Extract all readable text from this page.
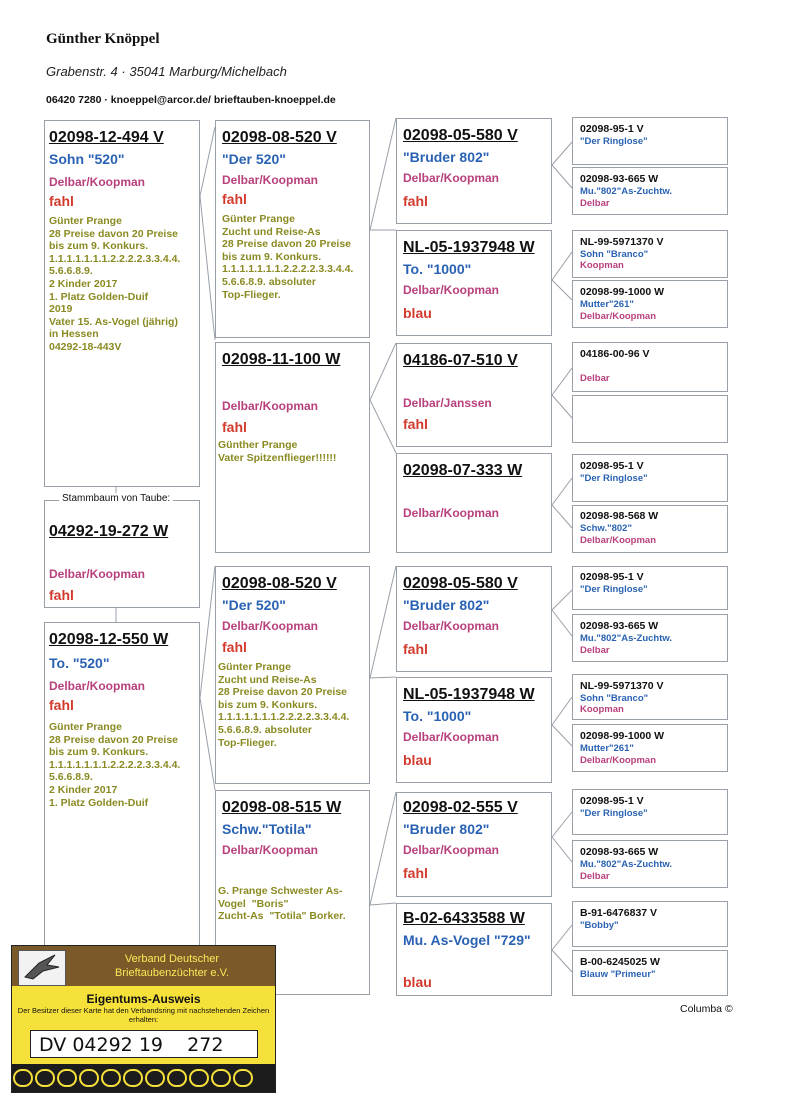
Günther Knöppel
Grabenstr. 4 · 35041 Marburg/Michelbach
06420 7280 · knoeppel@arcor.de/ brieftauben-knoeppel.de
02098-12-494 V
Sohn "520"
Delbar/Koopman
fahl
Günter Prange
28 Preise davon 20 Preise
bis zum 9. Konkurs.
1.1.1.1.1.1.1.2.2.2.2.3.3.4.4.
5.6.6.8.9.
2 Kinder 2017
1. Platz Golden-Duif
2019
Vater 15. As-Vogel (jährig)
in Hessen
04292-18-443V
Stammbaum von Taube:
04292-19-272 W
Delbar/Koopman
fahl
02098-12-550 W
To. "520"
Delbar/Koopman
fahl
Günter Prange
28 Preise davon 20 Preise
bis zum 9. Konkurs.
1.1.1.1.1.1.1.2.2.2.2.3.3.4.4.
5.6.6.8.9.
2 Kinder 2017
1. Platz Golden-Duif
02098-08-520 V
"Der 520"
Delbar/Koopman
fahl
Günter Prange
Zucht und Reise-As
28 Preise davon 20 Preise
bis zum 9. Konkurs.
1.1.1.1.1.1.1.2.2.2.2.3.3.4.4.
5.6.6.8.9. absoluter
Top-Flieger.
02098-11-100 W
Delbar/Koopman
fahl
Günther Prange
Vater Spitzenflieger!!!!!!
02098-08-520 V
"Der 520"
Delbar/Koopman
fahl
Günter Prange
Zucht und Reise-As
28 Preise davon 20 Preise
bis zum 9. Konkurs.
1.1.1.1.1.1.1.2.2.2.2.3.3.4.4.
5.6.6.8.9. absoluter
Top-Flieger.
02098-08-515 W
Schw."Totila"
Delbar/Koopman
G. Prange Schwester As-
Vogel  "Boris"
Zucht-As  "Totila" Borker.
02098-05-580 V
"Bruder 802"
Delbar/Koopman
fahl
NL-05-1937948 W
To. "1000"
Delbar/Koopman
blau
04186-07-510 V
Delbar/Janssen
fahl
02098-07-333 W
Delbar/Koopman
02098-05-580 V
"Bruder 802"
Delbar/Koopman
fahl
NL-05-1937948 W
To. "1000"
Delbar/Koopman
blau
02098-02-555 V
"Bruder 802"
Delbar/Koopman
fahl
B-02-6433588 W
Mu. As-Vogel "729"
blau
02098-95-1 V
"Der Ringlose"
02098-93-665 W
Mu."802"As-Zuchtw.
Delbar
NL-99-5971370 V
Sohn "Branco"
Koopman
02098-99-1000 W
Mutter"261"
Delbar/Koopman
04186-00-96 V
Delbar
02098-95-1 V
"Der Ringlose"
02098-98-568 W
Schw."802"
Delbar/Koopman
02098-95-1 V
"Der Ringlose"
02098-93-665 W
Mu."802"As-Zuchtw.
Delbar
NL-99-5971370 V
Sohn "Branco"
Koopman
02098-99-1000 W
Mutter"261"
Delbar/Koopman
02098-95-1 V
"Der Ringlose"
02098-93-665 W
Mu."802"As-Zuchtw.
Delbar
B-91-6476837 V
"Bobby"
B-00-6245025 W
Blauw "Primeur"
Columba ©
Verband Deutscher Brieftaubenzüchter e.V.
Eigentums-Ausweis
Der Besitzer dieser Karte hat den Verbandsring mit nachstehenden Zeichen erhalten:
DV 04292 19    272
